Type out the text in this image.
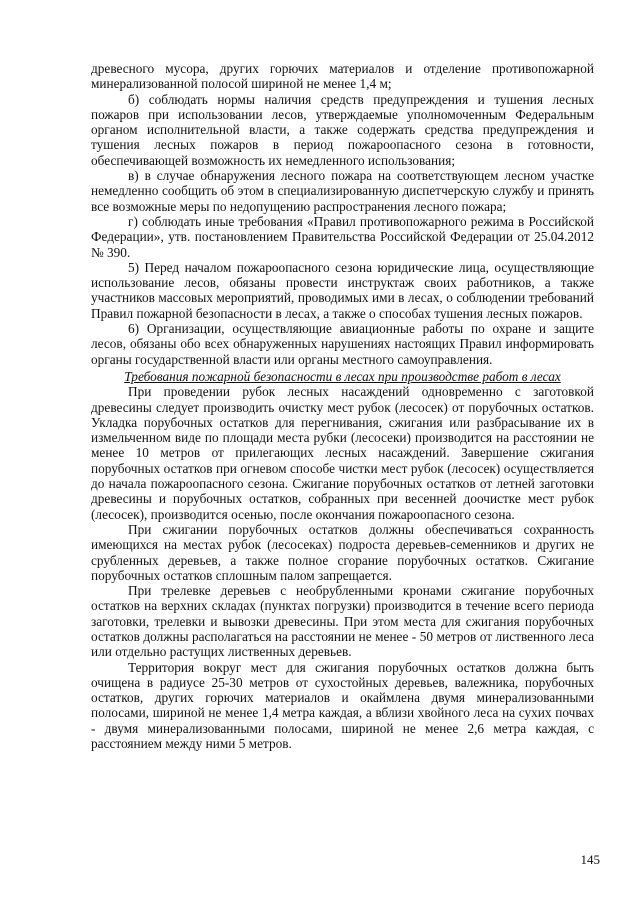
древесного мусора, других горючих материалов и отделение противопожарной минерализованной полосой шириной не менее 1,4 м;

б) соблюдать нормы наличия средств предупреждения и тушения лесных пожаров при использовании лесов, утверждаемые уполномоченным Федеральным органом исполнительной власти, а также содержать средства предупреждения и тушения лесных пожаров в период пожароопасного сезона в готовности, обеспечивающей возможность их немедленного использования;

в) в случае обнаружения лесного пожара на соответствующем лесном участке немедленно сообщить об этом в специализированную диспетчерскую службу и принять все возможные меры по недопущению распространения лесного пожара;

г) соблюдать иные требования «Правил противопожарного режима в Российской Федерации», утв. постановлением Правительства Российской Федерации от 25.04.2012 № 390.

5) Перед началом пожароопасного сезона юридические лица, осуществляющие использование лесов, обязаны провести инструктаж своих работников, а также участников массовых мероприятий, проводимых ими в лесах, о соблюдении требований Правил пожарной безопасности в лесах, а также о способах тушения лесных пожаров.

6) Организации, осуществляющие авиационные работы по охране и защите лесов, обязаны обо всех обнаруженных нарушениях настоящих Правил информировать органы государственной власти или органы местного самоуправления.

Требования пожарной безопасности в лесах при производстве работ в лесах

При проведении рубок лесных насаждений одновременно с заготовкой древесины следует производить очистку мест рубок (лесосек) от порубочных остатков. Укладка порубочных остатков для перегнивания, сжигания или разбрасывание их в измельченном виде по площади места рубки (лесосеки) производится на расстоянии не менее 10 метров от прилегающих лесных насаждений. Завершение сжигания порубочных остатков при огневом способе чистки мест рубок (лесосек) осуществляется до начала пожароопасного сезона. Сжигание порубочных остатков от летней заготовки древесины и порубочных остатков, собранных при весенней доочистке мест рубок (лесосек), производится осенью, после окончания пожароопасного сезона.

При сжигании порубочных остатков должны обеспечиваться сохранность имеющихся на местах рубок (лесосеках) подроста деревьев-семенников и других не срубленных деревьев, а также полное сгорание порубочных остатков. Сжигание порубочных остатков сплошным палом запрещается.

При трелевке деревьев с необрубленными кронами сжигание порубочных остатков на верхних складах (пунктах погрузки) производится в течение всего периода заготовки, трелевки и вывозки древесины. При этом места для сжигания порубочных остатков должны располагаться на расстоянии не менее - 50 метров от лиственного леса или отдельно растущих лиственных деревьев.

Территория вокруг мест для сжигания порубочных остатков должна быть очищена в радиусе 25-30 метров от сухостойных деревьев, валежника, порубочных остатков, других горючих материалов и окаймлена двумя минерализованными полосами, шириной не менее 1,4 метра каждая, а вблизи хвойного леса на сухих почвах - двумя минерализованными полосами, шириной не менее 2,6 метра каждая, с расстоянием между ними 5 метров.

145
